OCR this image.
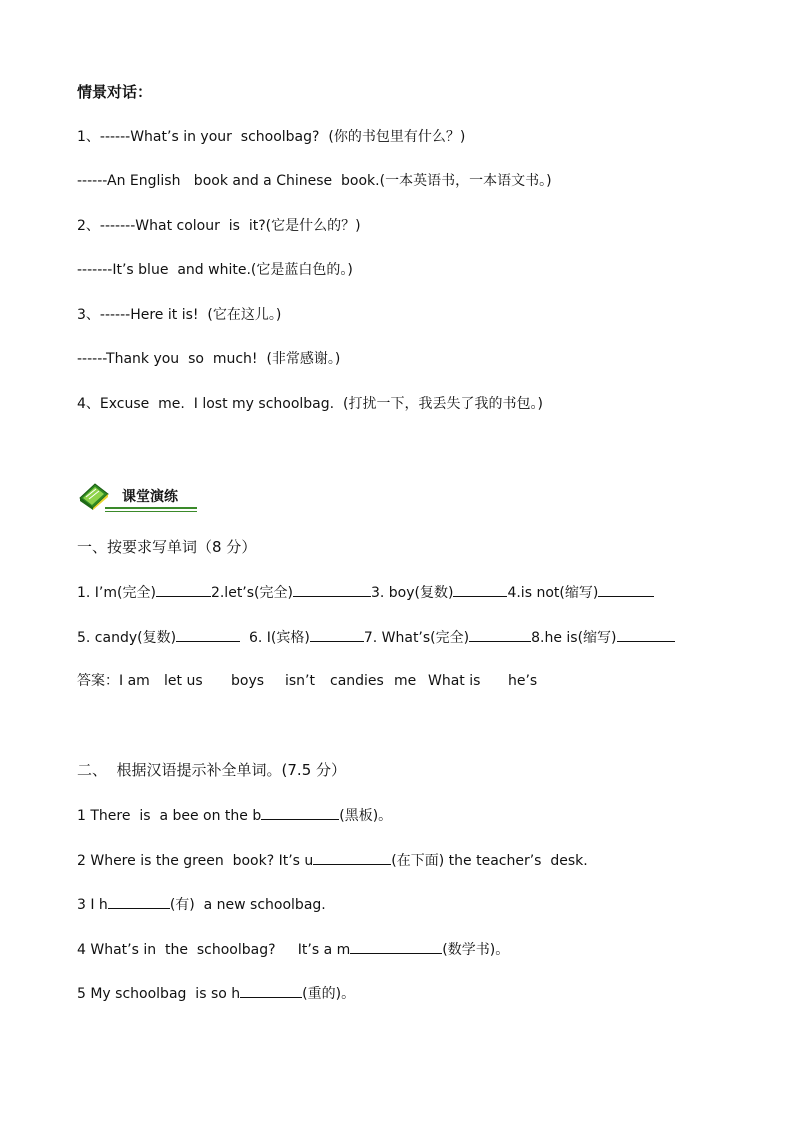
情景对话：
1、------What’s in your  schoolbag?  (你的书包里有什么？)
------An English   book and a Chinese  book.(一本英语书，一本语文书。)
2、-------What colour  is  it?(它是什么的？)
-------It’s blue  and white.(它是蓝白色的。)
3、------Here it is!  (它在这儿。)
------Thank you  so  much!  (非常感谢。)
4、Excuse  me.  I lost my schoolbag.  (打扰一下，我丢失了我的书包。)
课堂演练
一、按要求写单词（8 分）
1. I’m(完全)	2.let’s(完全)	3. boy(复数)	4.is not(缩写)
5. candy(复数)	6. I(宾格)	7. What’s(完全)	8.he is(缩写)
答案：I am let us boys isn’t candies me What is he’s
二、  根据汉语提示补全单词。(7.5 分）
1 There  is  a bee on the b	(黑板)。
2 Where is the green  book? It’s u	(在下面) the teacher’s  desk.
3 I h	(有)  a new schoolbag.
4 What’s in  the  schoolbag?     It’s a m	(数学书)。
5 My schoolbag  is so h	(重的)。
